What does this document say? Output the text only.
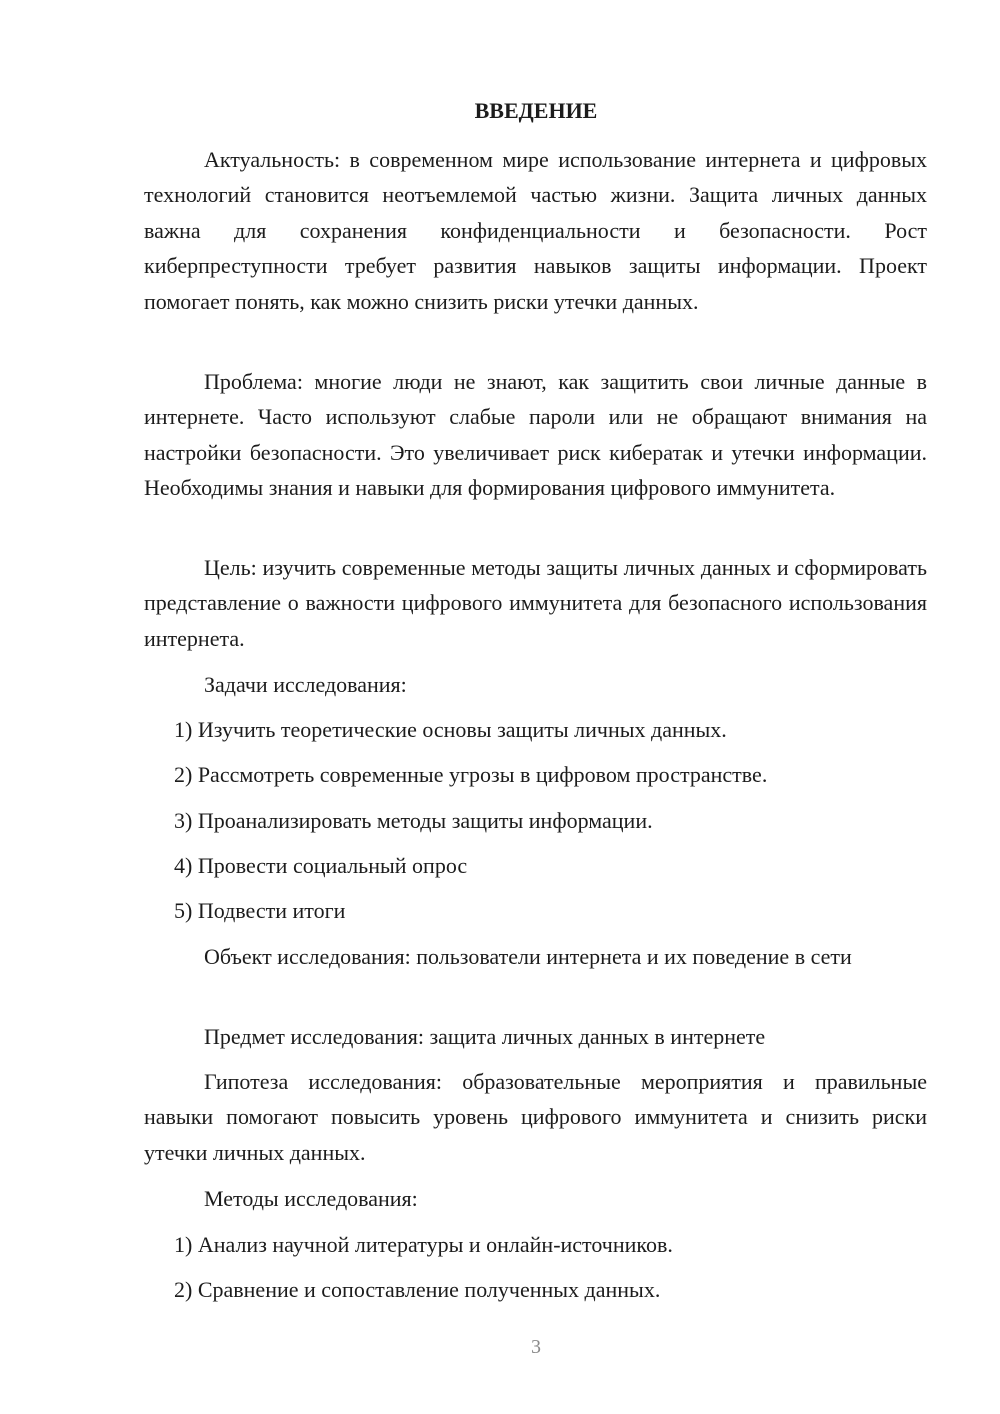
ВВЕДЕНИЕ

Актуальность: в современном мире использование интернета и цифровых технологий становится неотъемлемой частью жизни. Защита личных данных важна для сохранения конфиденциальности и безопасности. Рост киберпреступности требует развития навыков защиты информации. Проект помогает понять, как можно снизить риски утечки данных.

Проблема: многие люди не знают, как защитить свои личные данные в интернете. Часто используют слабые пароли или не обращают внимания на настройки безопасности. Это увеличивает риск кибератак и утечки информации. Необходимы знания и навыки для формирования цифрового иммунитета.

Цель: изучить современные методы защиты личных данных и сформировать представление о важности цифрового иммунитета для безопасного использования интернета.

Задачи исследования:
1) Изучить теоретические основы защиты личных данных.
2) Рассмотреть современные угрозы в цифровом пространстве.
3) Проанализировать методы защиты информации.
4) Провести социальный опрос
5) Подвести итоги

Объект исследования: пользователи интернета и их поведение в сети

Предмет исследования: защита личных данных в интернете

Гипотеза исследования: образовательные мероприятия и правильные навыки помогают повысить уровень цифрового иммунитета и снизить риски утечки личных данных.

Методы исследования:
1) Анализ научной литературы и онлайн-источников.
2) Сравнение и сопоставление полученных данных.
3
